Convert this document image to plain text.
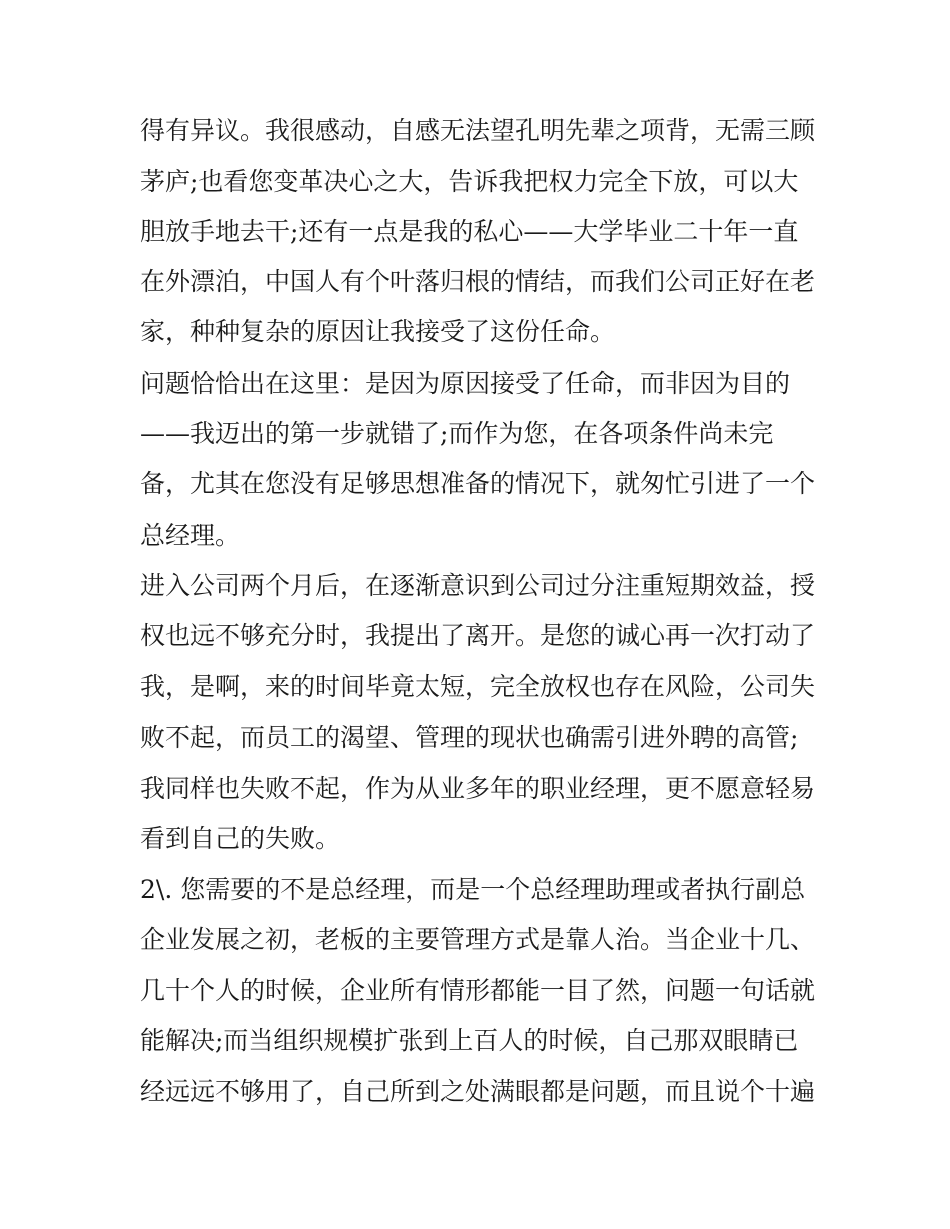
得有异议。我很感动，自感无法望孔明先辈之项背，无需三顾
茅庐;也看您变革决心之大，告诉我把权力完全下放，可以大
胆放手地去干;还有一点是我的私心——大学毕业二十年一直
在外漂泊，中国人有个叶落归根的情结，而我们公司正好在老
家，种种复杂的原因让我接受了这份任命。
问题恰恰出在这里：是因为原因接受了任命，而非因为目的
——我迈出的第一步就错了;而作为您，在各项条件尚未完
备，尤其在您没有足够思想准备的情况下，就匆忙引进了一个
总经理。
进入公司两个月后，在逐渐意识到公司过分注重短期效益，授
权也远不够充分时，我提出了离开。是您的诚心再一次打动了
我，是啊，来的时间毕竟太短，完全放权也存在风险，公司失
败不起，而员工的渴望、管理的现状也确需引进外聘的高管;
我同样也失败不起，作为从业多年的职业经理，更不愿意轻易
看到自己的失败。
2\. 您需要的不是总经理，而是一个总经理助理或者执行副总
企业发展之初，老板的主要管理方式是靠人治。当企业十几、
几十个人的时候，企业所有情形都能一目了然，问题一句话就
能解决;而当组织规模扩张到上百人的时候，自己那双眼睛已
经远远不够用了，自己所到之处满眼都是问题，而且说个十遍
